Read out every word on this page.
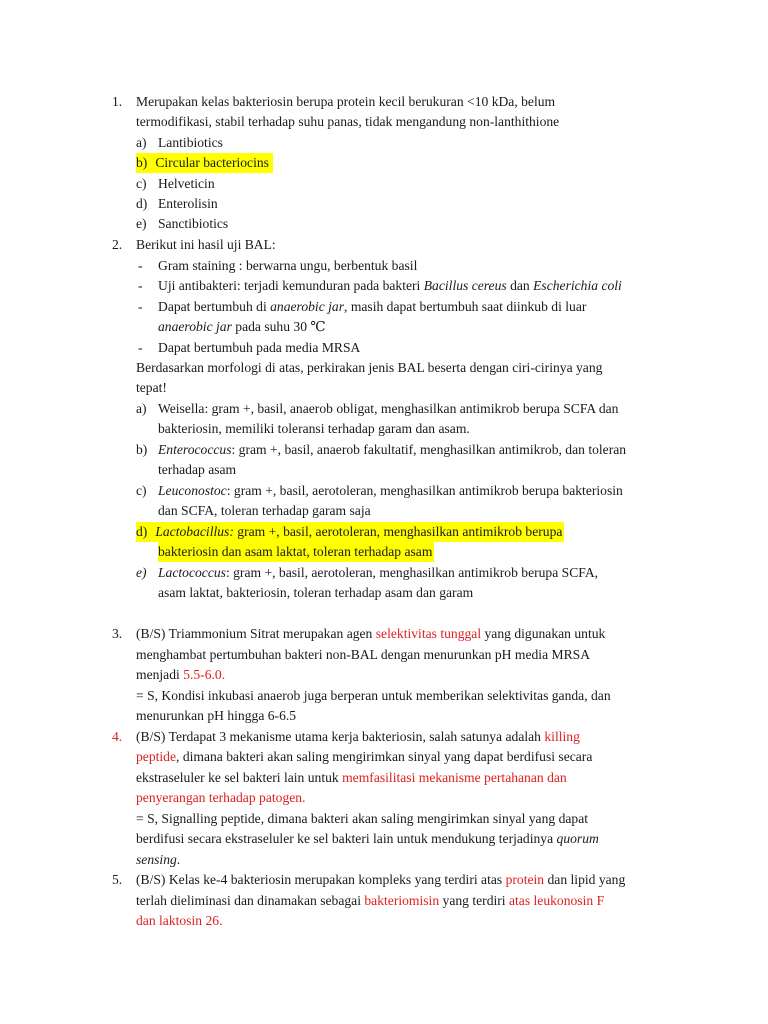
1. Merupakan kelas bakteriosin berupa protein kecil berukuran <10 kDa, belum
termodifikasi, stabil terhadap suhu panas, tidak mengandung non-lanthithione
a) Lantibiotics
b) Circular bacteriocins
c) Helveticin
d) Enterolisin
e) Sanctibiotics
2. Berikut ini hasil uji BAL:
- Gram staining : berwarna ungu, berbentuk basil
- Uji antibakteri: terjadi kemunduran pada bakteri Bacillus cereus dan Escherichia coli
- Dapat bertumbuh di anaerobic jar, masih dapat bertumbuh saat diinkub di luar
anaerobic jar pada suhu 30 ℃
- Dapat bertumbuh pada media MRSA
Berdasarkan morfologi di atas, perkirakan jenis BAL beserta dengan ciri-cirinya yang
tepat!
a) Weisella: gram +, basil, anaerob obligat, menghasilkan antimikrob berupa SCFA dan
bakteriosin, memiliki toleransi terhadap garam dan asam.
b) Enterococcus: gram +, basil, anaerob fakultatif, menghasilkan antimikrob, dan toleran
terhadap asam
c) Leuconostoc: gram +, basil, aerotoleran, menghasilkan antimikrob berupa bakteriosin
dan SCFA, toleran terhadap garam saja
d) Lactobacillus: gram +, basil, aerotoleran, menghasilkan antimikrob berupa
bakteriosin dan asam laktat, toleran terhadap asam
e) Lactococcus: gram +, basil, aerotoleran, menghasilkan antimikrob berupa SCFA,
asam laktat, bakteriosin, toleran terhadap asam dan garam
3. (B/S) Triammonium Sitrat merupakan agen selektivitas tunggal yang digunakan untuk
menghambat pertumbuhan bakteri non-BAL dengan menurunkan pH media MRSA
menjadi 5.5-6.0.
= S, Kondisi inkubasi anaerob juga berperan untuk memberikan selektivitas ganda, dan
menurunkan pH hingga 6-6.5
4. (B/S) Terdapat 3 mekanisme utama kerja bakteriosin, salah satunya adalah killing
peptide, dimana bakteri akan saling mengirimkan sinyal yang dapat berdifusi secara
ekstraseluler ke sel bakteri lain untuk memfasilitasi mekanisme pertahanan dan
penyerangan terhadap patogen.
= S, Signalling peptide, dimana bakteri akan saling mengirimkan sinyal yang dapat
berdifusi secara ekstraseluler ke sel bakteri lain untuk mendukung terjadinya quorum
sensing.
5. (B/S) Kelas ke-4 bakteriosin merupakan kompleks yang terdiri atas protein dan lipid yang
terlah dieliminasi dan dinamakan sebagai bakteriomisin yang terdiri atas leukonosin F
dan laktosin 26.
